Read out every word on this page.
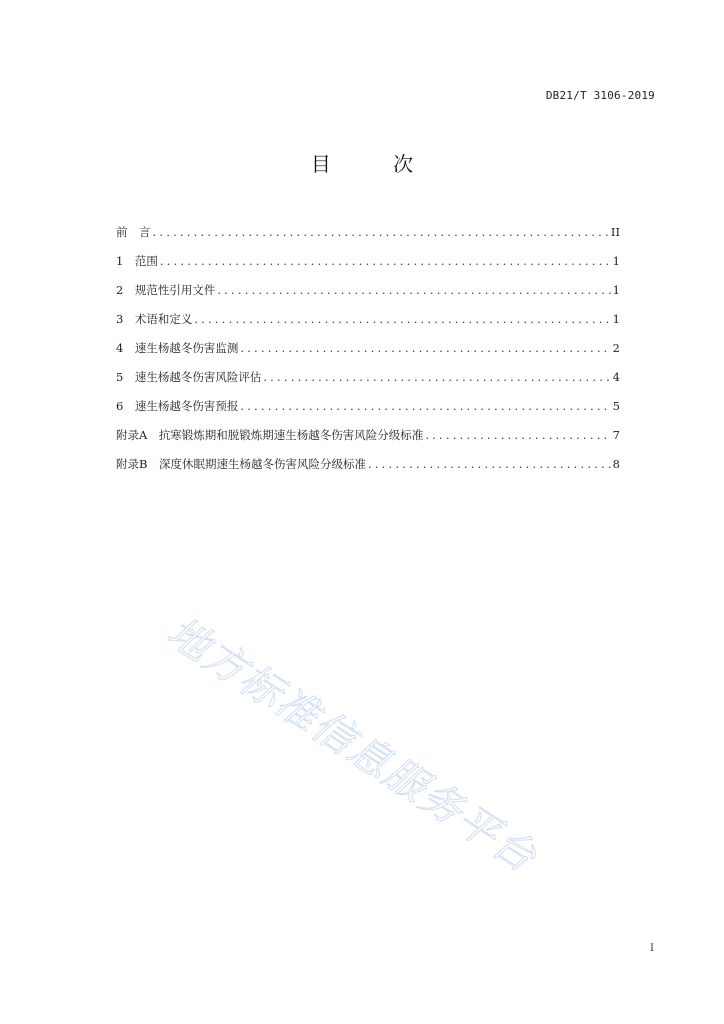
DB21/T 3106-2019
目 次
前　言 .....	II
1　范围 .....	1
2　规范性引用文件 .....	1
3　术语和定义 .....	1
4　速生杨越冬伤害监测 .....	2
5　速生杨越冬伤害风险评估 .....	4
6　速生杨越冬伤害预报 .....	5
附录A　抗寒锻炼期和脱锻炼期速生杨越冬伤害风险分级标准 .....	7
附录B　深度休眠期速生杨越冬伤害风险分级标准 .....	8
地方标准信息服务平台
I
